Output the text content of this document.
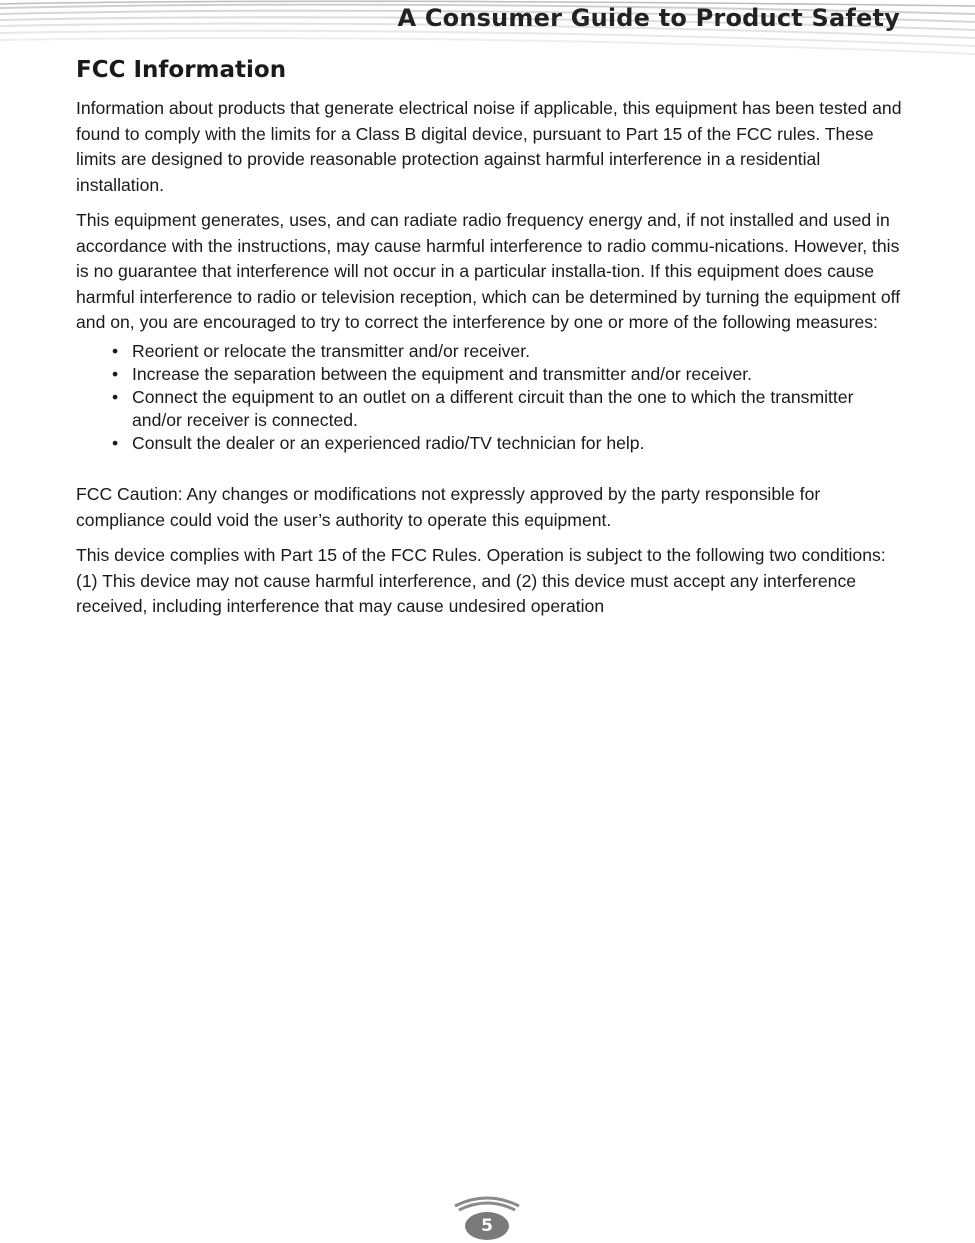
A Consumer Guide to Product Safety
FCC Information

Information about products that generate electrical noise if applicable, this equipment has been tested and found to comply with the limits for a Class B digital device, pursuant to Part 15 of the FCC rules. These limits are designed to provide reasonable protection against harmful interference in a residential installation.

This equipment generates, uses, and can radiate radio frequency energy and, if not installed and used in accordance with the instructions, may cause harmful interference to radio commu-nications. However, this is no guarantee that interference will not occur in a particular installa-tion. If this equipment does cause harmful interference to radio or television reception, which can be determined by turning the equipment off and on, you are encouraged to try to correct the interference by one or more of the following measures:

• Reorient or relocate the transmitter and/or receiver.
• Increase the separation between the equipment and transmitter and/or receiver.
• Connect the equipment to an outlet on a different circuit than the one to which the transmitter and/or receiver is connected.
• Consult the dealer or an experienced radio/TV technician for help.

FCC Caution: Any changes or modifications not expressly approved by the party responsible for compliance could void the user’s authority to operate this equipment.

This device complies with Part 15 of the FCC Rules. Operation is subject to the following two conditions: (1) This device may not cause harmful interference, and (2) this device must accept any interference received, including interference that may cause undesired operation

5
